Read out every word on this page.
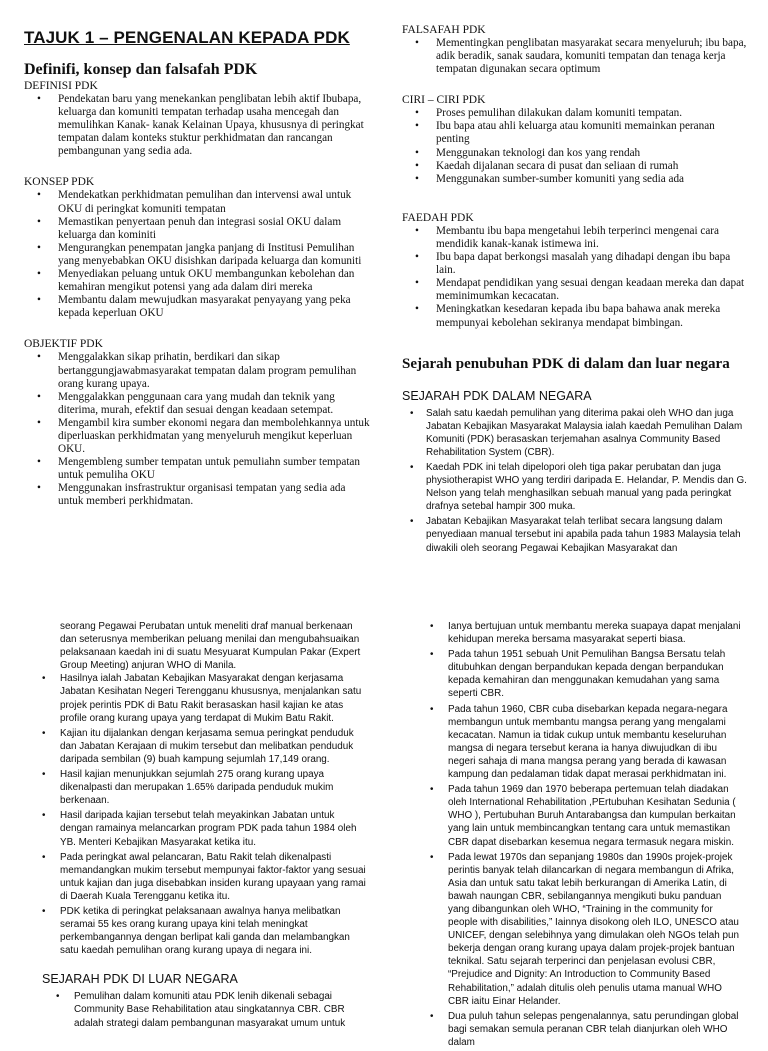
TAJUK 1 – PENGENALAN KEPADA PDK
Definifi, konsep dan falsafah PDK

DEFINISI PDK

• Pendekatan baru yang menekankan penglibatan lebih aktif Ibubapa, keluarga dan komuniti tempatan terhadap usaha mencegah dan memulihkan Kanak- kanak Kelainan Upaya, khususnya di peringkat tempatan dalam konteks stuktur perkhidmatan dan rancangan pembangunan yang sedia ada.

KONSEP PDK

• Mendekatkan perkhidmatan pemulihan dan intervensi awal untuk OKU di peringkat komuniti tempatan
• Memastikan penyertaan penuh dan integrasi sosial OKU dalam keluarga dan kominiti
• Mengurangkan penempatan jangka panjang di Institusi Pemulihan yang menyebabkan OKU disishkan daripada keluarga dan komuniti
• Menyediakan peluang untuk OKU membangunkan kebolehan dan kemahiran mengikut potensi yang ada dalam diri mereka
• Membantu dalam mewujudkan masyarakat penyayang yang peka kepada keperluan OKU

OBJEKTIF PDK

• Menggalakkan sikap prihatin, berdikari dan sikap bertanggungjawabmasyarakat tempatan dalam program pemulihan orang kurang upaya.
• Menggalakkan penggunaan cara yang mudah dan teknik yang diterima, murah, efektif dan sesuai dengan keadaan setempat.
• Mengambil kira sumber ekonomi negara dan membolehkannya untuk diperluaskan perkhidmatan yang menyeluruh mengikut keperluan OKU.
• Mengembleng sumber tempatan untuk pemuliahn sumber tempatan untuk pemuliha OKU
• Menggunakan insfrastruktur organisasi tempatan yang sedia ada untuk memberi perkhidmatan.

FALSAFAH PDK

• Mementingkan penglibatan masyarakat secara menyeluruh; ibu bapa, adik beradik, sanak saudara, komuniti tempatan dan tenaga kerja tempatan digunakan secara optimum

CIRI – CIRI PDK

• Proses pemulihan dilakukan dalam komuniti tempatan.
• Ibu bapa atau ahli keluarga atau komuniti memainkan peranan penting
• Menggunakan teknologi dan kos yang rendah
• Kaedah dijalanan secara di pusat dan seliaan di rumah
• Menggunakan sumber-sumber komuniti yang sedia ada

FAEDAH PDK

• Membantu ibu bapa mengetahui lebih terperinci mengenai cara mendidik kanak-kanak istimewa ini.
• Ibu bapa dapat berkongsi masalah yang dihadapi dengan ibu bapa lain.
• Mendapat pendidikan yang sesuai dengan keadaan mereka dan dapat meminimumkan kecacatan.
• Meningkatkan kesedaran kepada ibu bapa bahawa anak mereka mempunyai kebolehan sekiranya mendapat bimbingan.
Sejarah penubuhan PDK di dalam dan luar negara

SEJARAH PDK DALAM NEGARA

• Salah satu kaedah pemulihan yang diterima pakai oleh WHO dan juga Jabatan Kebajikan Masyarakat Malaysia ialah kaedah Pemulihan Dalam Komuniti (PDK) berasaskan terjemahan asalnya Community Based Rehabilitation System (CBR).
• Kaedah PDK ini telah dipelopori oleh tiga pakar perubatan dan juga physiotherapist WHO yang terdiri daripada E. Helandar, P. Mendis dan G. Nelson yang telah menghasilkan sebuah manual yang pada peringkat drafnya setebal hampir 300 muka.
• Jabatan Kebajikan Masyarakat telah terlibat secara langsung dalam penyediaan manual tersebut ini apabila pada tahun 1983 Malaysia telah diwakili oleh seorang Pegawai Kebajikan Masyarakat dan

seorang Pegawai Perubatan untuk meneliti draf manual berkenaan dan seterusnya memberikan peluang menilai dan mengubahsuaikan pelaksanaan kaedah ini di suatu Mesyuarat Kumpulan Pakar (Expert Group Meeting) anjuran WHO di Manila.

• Hasilnya ialah Jabatan Kebajikan Masyarakat dengan kerjasama Jabatan Kesihatan Negeri Terengganu khususnya, menjalankan satu projek perintis PDK di Batu Rakit berasaskan hasil kajian ke atas profile orang kurang upaya yang terdapat di Mukim Batu Rakit.
• Kajian itu dijalankan dengan kerjasama semua peringkat penduduk dan Jabatan Kerajaan di mukim tersebut dan melibatkan penduduk daripada sembilan (9) buah kampung sejumlah 17,149 orang.
• Hasil kajian menunjukkan sejumlah 275 orang kurang upaya dikenalpasti dan merupakan 1.65% daripada penduduk mukim berkenaan.
• Hasil daripada kajian tersebut telah meyakinkan Jabatan untuk dengan ramainya melancarkan program PDK pada tahun 1984 oleh YB. Menteri Kebajikan Masyarakat ketika itu.
• Pada peringkat awal pelancaran, Batu Rakit telah dikenalpasti memandangkan mukim tersebut mempunyai faktor-faktor yang sesuai untuk kajian dan juga disebabkan insiden kurang upayaan yang ramai di Daerah Kuala Terengganu ketika itu.
• PDK ketika di peringkat pelaksanaan awalnya hanya melibatkan seramai 55 kes orang kurang upaya kini telah meningkat perkembangannya dengan berlipat kali ganda dan melambangkan satu kaedah pemulihan orang kurang upaya di negara ini.

SEJARAH PDK DI LUAR NEGARA

• Pemulihan dalam komuniti atau PDK lenih dikenali sebagai Community Base Rehabilitation atau singkatannya CBR. CBR adalah strategi dalam pembangunan masyarakat umum untuk
• Ianya bertujuan untuk membantu mereka suapaya dapat menjalani kehidupan mereka bersama masyarakat seperti biasa.
• Pada tahun 1951 sebuah Unit Pemulihan Bangsa Bersatu telah ditubuhkan dengan berpandukan kepada dengan berpandukan kepada kemahiran dan menggunakan kemudahan yang sama seperti CBR.
• Pada tahun 1960, CBR cuba disebarkan kepada negara-negara membangun untuk membantu mangsa perang yang mengalami kecacatan. Namun ia tidak cukup untuk membantu keseluruhan mangsa di negara tersebut kerana ia hanya diwujudkan di ibu negeri sahaja di mana mangsa perang yang berada di kawasan kampung dan pedalaman tidak dapat merasai perkhidmatan ini.
• Pada tahun 1969 dan 1970 beberapa pertemuan telah diadakan oleh International Rehabilitation ,PErtubuhan Kesihatan Sedunia ( WHO ), Pertubuhan Buruh Antarabangsa dan kumpulan berkaitan yang lain untuk membincangkan tentang cara untuk memastikan CBR dapat disebarkan kesemua negara termasuk negara miskin.
• Pada lewat 1970s dan sepanjang 1980s dan 1990s projek-projek perintis banyak telah dilancarkan di negara membangun di Afrika, Asia dan untuk satu takat lebih berkurangan di Amerika Latin, di bawah naungan CBR, sebilangannya mengikuti buku panduan yang dibangunkan oleh WHO, “Training in the community for people with disabilities,” Iainnya disokong oleh ILO, UNESCO atau UNICEF, dengan selebihnya yang dimulakan oleh NGOs telah pun bekerja dengan orang kurang upaya dalam projek-projek bantuan teknikal. Satu sejarah terperinci dan penjelasan evolusi CBR, “Prejudice and Dignity: An Introduction to Community Based Rehabilitation,” adalah ditulis oleh penulis utama manual WHO CBR iaitu Einar Helander.
• Dua puluh tahun selepas pengenalannya, satu perundingan global bagi semakan semula peranan CBR telah dianjurkan oleh WHO dalam
